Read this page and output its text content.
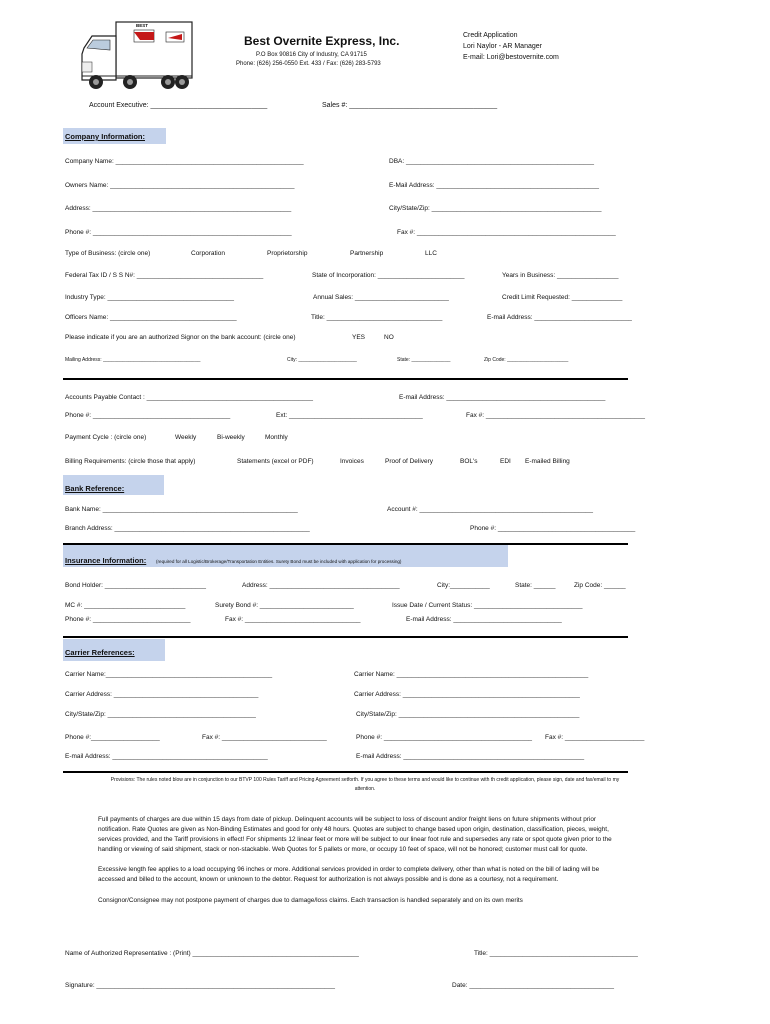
BEST
Best Overnite Express, Inc.
P.O Box 90816 City of Industry, CA 91715
Phone: (626) 256-0550 Ext. 433 / Fax: (626) 283-5793
Credit Application
Lori Naylor - AR Manager
E-mail: Lori@bestovernite.com
Account Executive: ______________________________	Sales #: ______________________________________
Company Information:
Company Name: ____________________________________________________	DBA: ____________________________________________________
Owners Name: ___________________________________________________	E-Mail Address: _____________________________________________
Address: _______________________________________________________	City/State/Zip: _______________________________________________
Phone #: _______________________________________________________	Fax #: _______________________________________________________
Type of Business: (circle one)	Corporation	Proprietorship	Partnership	LLC
Federal Tax ID / S S N#: ___________________________________	State of Incorporation: ________________________	Years in Business: _________________
Industry Type: ___________________________________	Annual Sales: __________________________	Credit Limit Requested: ______________
Officers Name: ___________________________________	Title: ________________________________	E-mail Address: ___________________________
Please indicate if you are an authorized Signor on the bank account: (circle one)	YES	NO
Mailing Address: ___________________________________	City: _____________________	State: ______________	Zip Code: ______________________
Accounts Payable Contact : ______________________________________________	E-mail Address: ____________________________________________
Phone #: ______________________________________	Ext: _____________________________________	Fax #: ____________________________________________
Payment Cycle : (circle one)	Weekly	Bi-weekly	Monthly
Billing Requirements: (circle those that apply)	Statements (excel or PDF)	Invoices	Proof of Delivery	BOL's	EDI E-mailed Billing
Bank Reference:
Bank Name: ______________________________________________________	Account #: ________________________________________________
Branch Address: ______________________________________________________	Phone #: ______________________________________
Insurance Information: (required for all Logistic/Brokerage/Transportation Entities. Surety Bond must be included with application for processing)
Bond Holder: ____________________________	Address: ____________________________________	City:___________	State: ______	Zip Code: ______
MC #: ____________________________	Surety Bond #: __________________________	Issue Date / Current Status: ______________________________
Phone #: ___________________________	Fax #: ________________________________	E-mail Address: ______________________________
Carrier References:
Carrier Name:______________________________________________	Carrier Name: _____________________________________________________
Carrier Address: ________________________________________	Carrier Address: _________________________________________________
City/State/Zip: _________________________________________	City/State/Zip: __________________________________________________
Phone #:___________________	Fax #: _____________________________	Phone #: _________________________________________ Fax #: ______________________
E-mail Address: ___________________________________________	E-mail Address: __________________________________________________
Provisions: The rules noted blow are in conjunction to our BTVP 100 Rules Tariff and Pricing Agreement setforth. If you agree to these terms and would like to continue with th credit application, please sign, date and fax/email to my attention.
Full payments of charges are due within 15 days from date of pickup. Delinquent accounts will be subject to loss of discount and/or freight liens on future shipments without prior notification. Rate Quotes are given as Non-Binding Estimates and good for only 48 hours. Quotes are subject to change based upon origin, destination, classification, pieces, weight, services provided, and the Tariff provisions in effect! For shipments 12 linear feet or more will be subject to our linear foot rule and supersedes any rate or spot quote given prior to the handling or viewing of said shipment, stack or non-stackable. Web Quotes for 5 pallets or more, or occupy 10 feet of space, will not be honored; customer must call for quote.
Excessive length fee applies to a load occupying 96 inches or more. Additional services provided in order to complete delivery, other than what is noted on the bill of lading will be accessed and billed to the account, known or unknown to the debtor. Request for authorization is not always possible and is done as a courtesy, not a requirement.
Consignor/Consignee may not postpone payment of charges due to damage/loss claims. Each transaction is handled separately and on its own merits
Name of Authorized Representative : (Print) ______________________________________________	Title: _________________________________________
Signature: __________________________________________________________________	Date: ________________________________________
